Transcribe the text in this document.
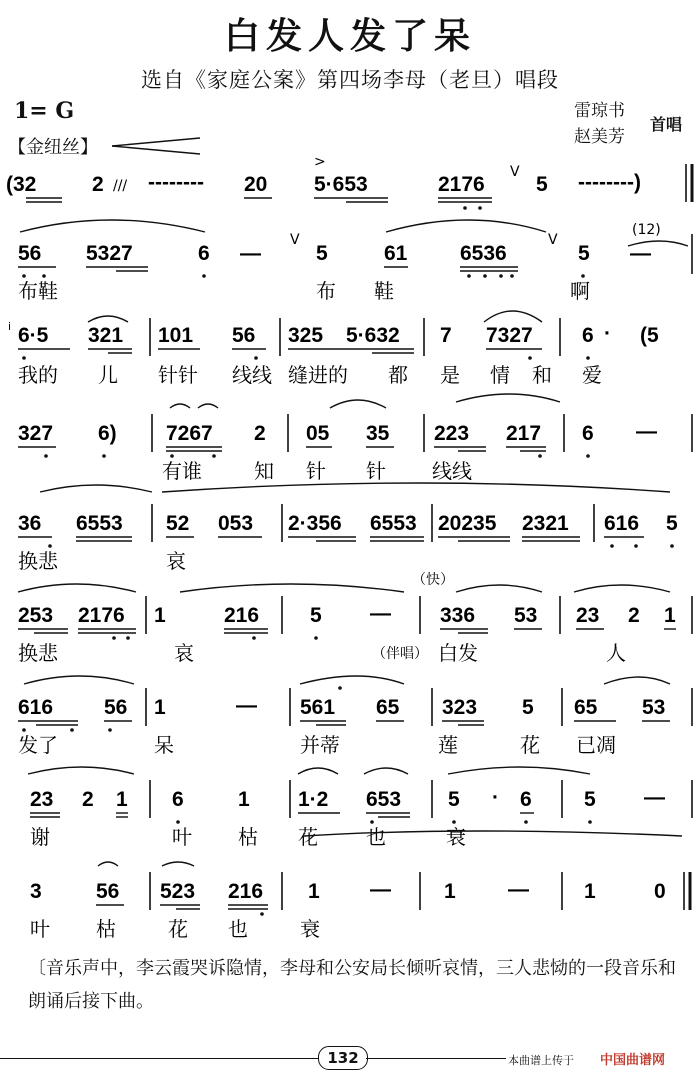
白发人发了呆
选自《家庭公案》第四场李母（老旦）唱段
1= G
【金纽丝】
雷琼书
赵美芳
首唱
(32	2 /// -------- 20
>
5·653	2176
V
5 --------)
(12)
56 5327	6 —
V
5	61	6536
V
5 —
布鞋	布 鞋	啊
i 6·5 321 101 56 325 5·632 7 7327 6 · (5
我的 儿 针针 线线 缝进的 都 是 情 和 爱
327 6) 7267 2 05 35 223 217 6 —
有谁	知 针 针 线线
36 6553 52 053 2·356 6553 20235 2321 616 5
换悲	哀
（快）
253 2176 1	216 5 — 336 53 23 2 1
换悲	哀	（伴唱） 白发	人
616 56 1	— 561 65 323 5 65 53
发了	呆	并蒂	莲	花 已凋
23 2 1 6	1 1·2 653 5 · 6 5 —
谢	叶 枯 花 也	衰
3	56 523 216 1 —	1 —	1	0
叶 枯	花 也	衰
〔音乐声中，李云霞哭诉隐情，李母和公安局长倾听哀情，三人悲恸的一段音乐和朗诵后接下曲。
132	本曲谱上传于 中国曲谱网
